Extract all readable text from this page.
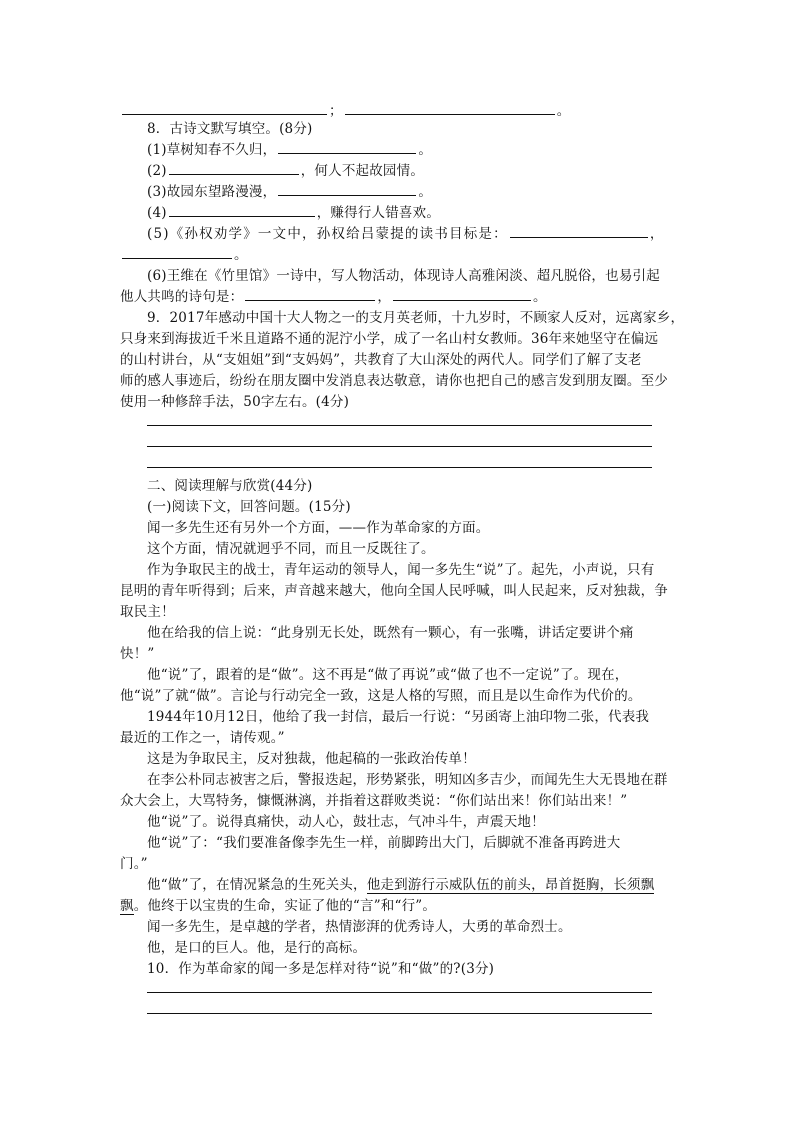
；	。
8．古诗文默写填空。(8分)
(1)草树知春不久归，	。
(2)	，何人不起故园情。
(3)故园东望路漫漫，	。
(4)	，赚得行人错喜欢。
(5)《孙权劝学》一文中，孙权给吕蒙提的读书目标是：	，
。
(6)王维在《竹里馆》一诗中，写人物活动，体现诗人高雅闲淡、超凡脱俗，也易引起
他人共鸣的诗句是：	，	。
9．2017年感动中国十大人物之一的支月英老师，十九岁时，不顾家人反对，远离家乡，
只身来到海拔近千米且道路不通的泥泞小学，成了一名山村女教师。36年来她坚守在偏远
的山村讲台，从“支姐姐”到“支妈妈”，共教育了大山深处的两代人。同学们了解了支老
师的感人事迹后，纷纷在朋友圈中发消息表达敬意，请你也把自己的感言发到朋友圈。至少
使用一种修辞手法，50字左右。(4分)
二、阅读理解与欣赏(44分)
(一)阅读下文，回答问题。(15分)
闻一多先生还有另外一个方面，——作为革命家的方面。
这个方面，情况就迥乎不同，而且一反既往了。
作为争取民主的战士，青年运动的领导人，闻一多先生“说”了。起先，小声说，只有
昆明的青年听得到；后来，声音越来越大，他向全国人民呼喊，叫人民起来，反对独裁，争
取民主！
他在给我的信上说：“此身别无长处，既然有一颗心，有一张嘴，讲话定要讲个痛
快！”
他“说”了，跟着的是“做”。这不再是“做了再说”或“做了也不一定说”了。现在，
他“说”了就“做”。言论与行动完全一致，这是人格的写照，而且是以生命作为代价的。
1944年10月12日，他给了我一封信，最后一行说：“另函寄上油印物二张，代表我
最近的工作之一，请传观。”
这是为争取民主，反对独裁，他起稿的一张政治传单！
在李公朴同志被害之后，警报迭起，形势紧张，明知凶多吉少，而闻先生大无畏地在群
众大会上，大骂特务，慷慨淋漓，并指着这群败类说：“你们站出来！你们站出来！”
他“说”了。说得真痛快，动人心，鼓壮志，气冲斗牛，声震天地！
他“说”了：“我们要准备像李先生一样，前脚跨出大门，后脚就不准备再跨进大
门。”
他“做”了，在情况紧急的生死关头，他走到游行示威队伍的前头，昂首挺胸，长须飘
飘。他终于以宝贵的生命，实证了他的“言”和“行”。
闻一多先生，是卓越的学者，热情澎湃的优秀诗人，大勇的革命烈士。
他，是口的巨人。他，是行的高标。
10．作为革命家的闻一多是怎样对待“说”和“做”的?(3分)
